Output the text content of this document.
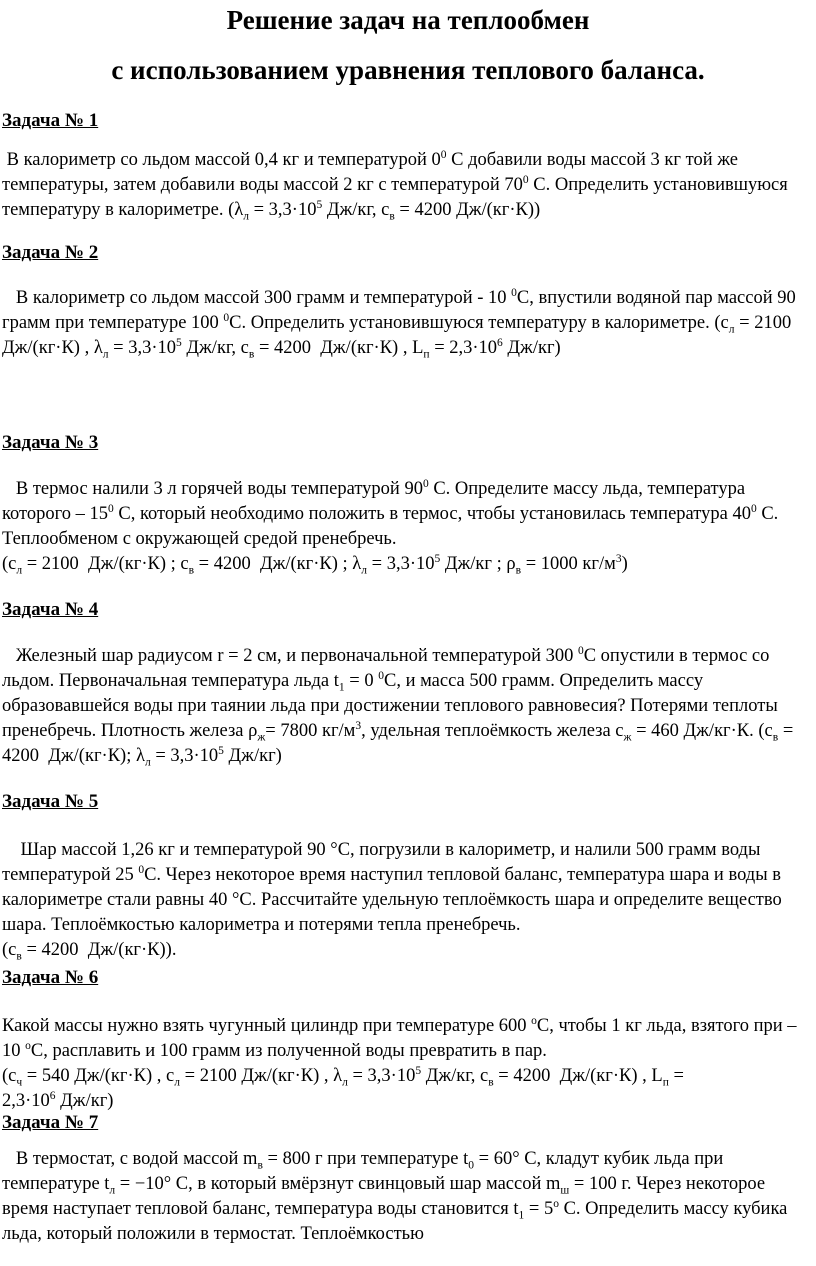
Решение задач на теплообмен
с использованием уравнения теплового баланса.
Задача № 1
В калориметр со льдом массой 0,4 кг и температурой $0^0$ С добавили воды массой 3 кг той же температуры, затем добавили воды массой 2 кг с температурой $70^0$ С. Определить установившуюся температуру в калориметре. ($\lambda_л = 3,3\cdot 10^5$ Дж/кг, $с_в = 4200$ Дж/(кг·К))
Задача № 2
В калориметр со льдом массой 300 грамм и температурой - 10 $^0$С, впустили водяной пар массой 90 грамм при температуре 100 $^0$С. Определить установившуюся температуру в калориметре. ($с_л = 2100$ Дж/(кг·К) , $\lambda_л = 3,3\cdot 10^5$ Дж/кг, $с_в = 4200$  Дж/(кг·К) , $L_п = 2,3\cdot 10^6$ Дж/кг)
Задача № 3
В термос налили 3 л горячей воды температурой $90^0$ С. Определите массу льда, температура которого – $15^0$ С, который необходимо положить в термос, чтобы установилась температура $40^0$ С. Теплообменом с окружающей средой пренебречь.
($с_л = 2100$  Дж/(кг·К) ; $с_в = 4200$  Дж/(кг·К) ; $\lambda_л = 3,3\cdot 10^5$ Дж/кг ; $\rho_в = 1000$ $кг/м^3$)
Задача № 4
Железный шар радиусом r = 2 см, и первоначальной температурой 300 $^0$С опустили в термос со льдом. Первоначальная температура льда $t_1 = 0$ $^0$С, и масса 500 грамм. Определить массу образовавшейся воды при таянии льда при достижении теплового равновесия? Потерями теплоты пренебречь. Плотность железа $\rho_ж= 7800$ $кг/м^3$, удельная теплоёмкость железа $с_ж = 460$ Дж/кг·К. ($с_в = 4200$  Дж/(кг·К); $\lambda_л = 3,3\cdot 10^5$ Дж/кг)
Задача № 5
Шар массой 1,26 кг и температурой 90 °С, погрузили в калориметр, и налили 500 грамм воды температурой 25 $^0$С. Через некоторое время наступил тепловой баланс, температура шара и воды в калориметре стали равны 40 °С. Рассчитайте удельную теплоёмкость шара и определите вещество шара. Теплоёмкостью калориметра и потерями тепла пренебречь.
($с_в = 4200$  Дж/(кг·К)).
Задача № 6
Какой массы нужно взять чугунный цилиндр при температуре 600 $^о$С, чтобы 1 кг льда, взятого при – 10 $^о$С, расплавить и 100 грамм из полученной воды превратить в пар.
($с_ч = 540$ Дж/(кг·К) , $с_л = 2100$ Дж/(кг·К) , $\lambda_л = 3,3\cdot 10^5$ Дж/кг, $с_в = 4200$  Дж/(кг·К) , $L_п$ =
$2,3\cdot 10^6$ Дж/кг)
Задача № 7
В термостат, с водой массой $m_в = 800$ г при температуре $t_0 = 60^\circ$ С, кладут кубик льда при температуре $t_л = -10^\circ$ С, в который вмёрзнут свинцовый шар массой $m_ш = 100$ г. Через некоторое время наступает тепловой баланс, температура воды становится $t_1 = 5^о$ С. Определить массу кубика льда, который положили в термостат. Теплоёмкостью
